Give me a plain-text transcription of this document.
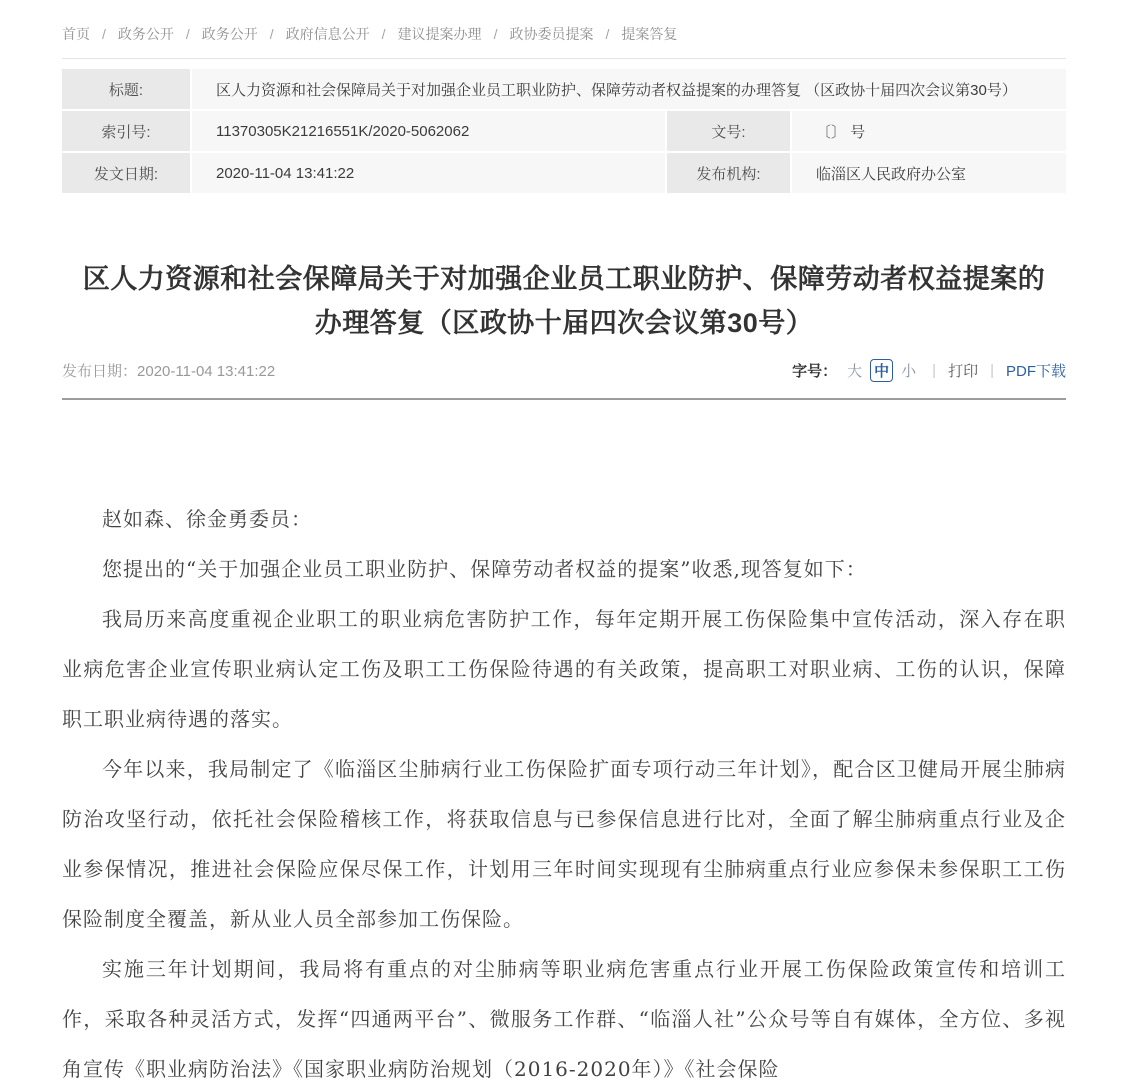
首页 / 政务公开 / 政务公开 / 政府信息公开 / 建议提案办理 / 政协委员提案 / 提案答复
标题:	区人力资源和社会保障局关于对加强企业员工职业防护、保障劳动者权益提案的办理答复 （区政协十届四次会议第30号）
索引号:	11370305K21216551K/2020-5062062	文号:	〔〕 号
发文日期:	2020-11-04 13:41:22	发布机构:	临淄区人民政府办公室
区人力资源和社会保障局关于对加强企业员工职业防护、保障劳动者权益提案的办理答复（区政协十届四次会议第30号）
发布日期：2020-11-04 13:41:22	字号： 大 中 小 | 打印 | PDF下载

赵如森、徐金勇委员：

您提出的“关于加强企业员工职业防护、保障劳动者权益的提案”收悉,现答复如下：

我局历来高度重视企业职工的职业病危害防护工作，每年定期开展工伤保险集中宣传活动，深入存在职业病危害企业宣传职业病认定工伤及职工工伤保险待遇的有关政策，提高职工对职业病、工伤的认识，保障职工职业病待遇的落实。

今年以来，我局制定了《临淄区尘肺病行业工伤保险扩面专项行动三年计划》，配合区卫健局开展尘肺病防治攻坚行动，依托社会保险稽核工作，将获取信息与已参保信息进行比对，全面了解尘肺病重点行业及企业参保情况，推进社会保险应保尽保工作，计划用三年时间实现现有尘肺病重点行业应参保未参保职工工伤保险制度全覆盖，新从业人员全部参加工伤保险。

实施三年计划期间，我局将有重点的对尘肺病等职业病危害重点行业开展工伤保险政策宣传和培训工作，采取各种灵活方式，发挥“四通两平台”、微服务工作群、“临淄人社”公众号等自有媒体，全方位、多视角宣传《职业病防治法》《国家职业病防治规划（2016-2020年）》《社会保险
